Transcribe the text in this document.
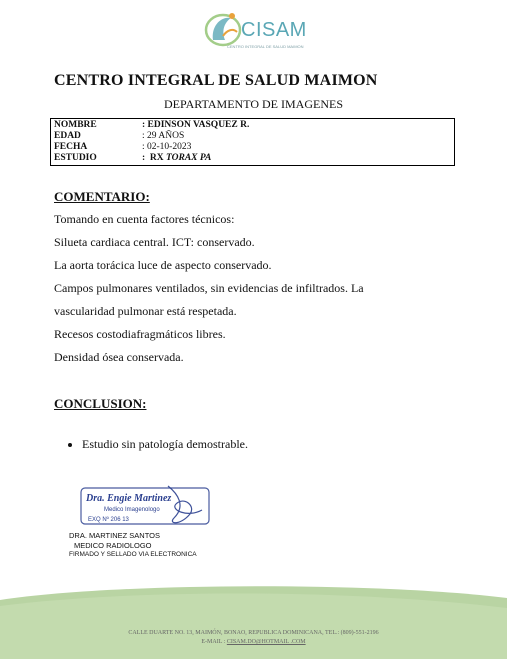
CISAM
CENTRO INTEGRAL DE SALUD MAIMON
CENTRO INTEGRAL DE SALUD MAIMON
DEPARTAMENTO DE IMAGENES
NOMBRE	: EDINSON VASQUEZ R.
EDAD	: 29 AÑOS
FECHA	: 02-10-2023
ESTUDIO	:  RX TORAX PA
COMENTARIO:
Tomando en cuenta factores técnicos:
Silueta cardiaca central. ICT: conservado.
La aorta torácica luce de aspecto conservado.
Campos pulmonares ventilados, sin evidencias de infiltrados. La
vascularidad pulmonar está respetada.
Recesos costodiafragmáticos libres.
Densidad ósea conservada.
CONCLUSION:
Estudio sin patología demostrable.
Dra. Engie Martinez
Medico Imagenologo
EXQ Nº 206 13
DRA. MARTINEZ SANTOS
MEDICO RADIOLOGO
FIRMADO Y SELLADO VIA ELECTRONICA
CALLE DUARTE NO. 13, MAIMÓN, BONAO, REPUBLICA DOMINICANA, TEL.: (809)-551-2196
E-MAIL : CISAM.DO@HOTMAIL .COM
